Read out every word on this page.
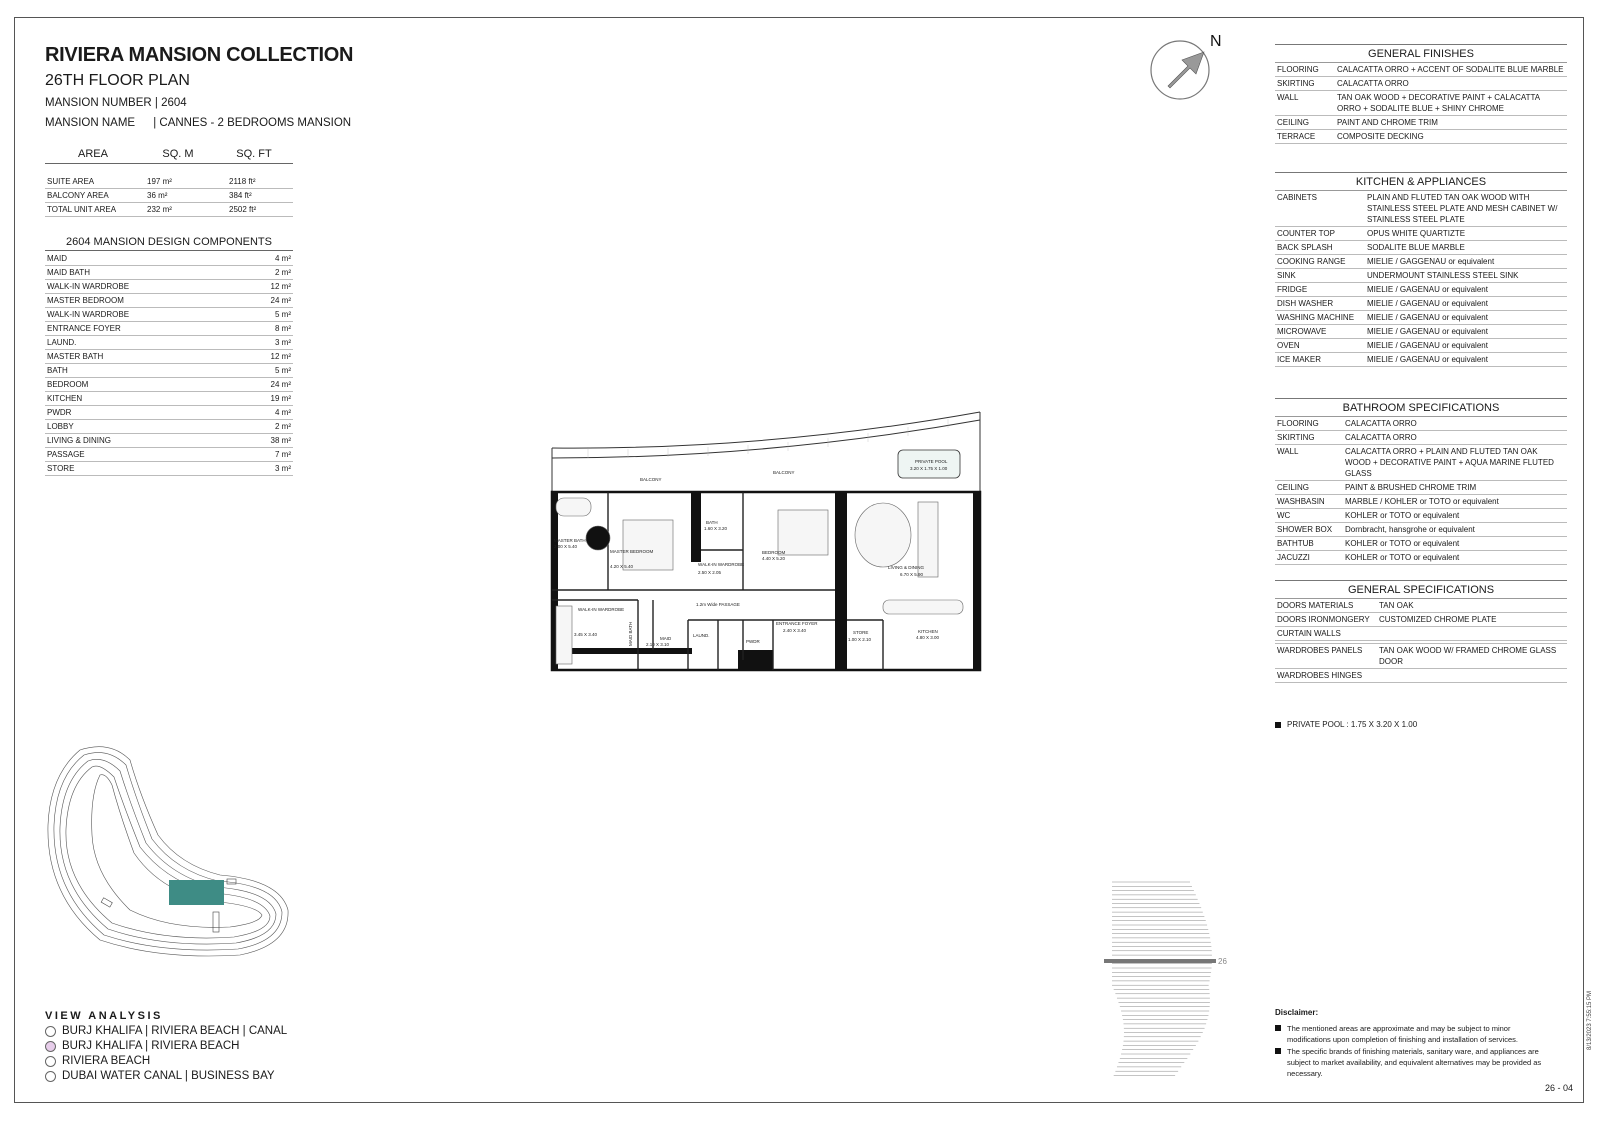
RIVIERA MANSION COLLECTION
26TH FLOOR PLAN
MANSION NUMBER | 2604
MANSION NAME | CANNES - 2 BEDROOMS MANSION
AREA	SQ. M	SQ. FT
SUITE AREA	197 m²	2118 ft²
BALCONY AREA	36 m²	384 ft²
TOTAL UNIT AREA	232 m²	2502 ft²
2604 MANSION DESIGN COMPONENTS
MAID	4 m²
MAID BATH	2 m²
WALK-IN WARDROBE	12 m²
MASTER BEDROOM	24 m²
WALK-IN WARDROBE	5 m²
ENTRANCE FOYER	8 m²
LAUND.	3 m²
MASTER BATH	12 m²
BATH	5 m²
BEDROOM	24 m²
KITCHEN	19 m²
PWDR	4 m²
LOBBY	2 m²
LIVING & DINING	38 m²
PASSAGE	7 m²
STORE	3 m²
N
BALCONY
BALCONY
PRIVATE POOL
3.20 X 1.75 X 1.00
MASTER BATH
2.00 X 5.40
MASTER BEDROOM
4.20 X 5.40
BATH
1.60 X 3.20
WALK-IN WARDROBE
2.50 X 2.05
BEDROOM
4.40 X 5.20
LIVING & DINING
6.70 X 5.90
1.2m Wide PASSAGE
WALK-IN WARDROBE
3.45 X 3.40	MAID BATH	MAID
2.10 X 3.10
LAUND.
PWDR
ENTRANCE FOYER
2.40 X 3.40	STORE
1.00 X 2.10
KITCHEN
4.80 X 3.00
VIEW ANALYSIS
BURJ KHALIFA | RIVIERA BEACH | CANAL
BURJ KHALIFA | RIVIERA BEACH
RIVIERA BEACH
DUBAI WATER CANAL | BUSINESS BAY
26
GENERAL FINISHES
FLOORING	CALACATTA ORRO + ACCENT OF SODALITE BLUE MARBLE
SKIRTING	CALACATTA ORRO
WALL	TAN OAK WOOD + DECORATIVE PAINT + CALACATTA ORRO + SODALITE BLUE + SHINY CHROME
CEILING	PAINT AND CHROME TRIM
TERRACE	COMPOSITE DECKING
KITCHEN & APPLIANCES
CABINETS	PLAIN AND FLUTED TAN OAK WOOD WITH STAINLESS STEEL PLATE AND MESH CABINET W/ STAINLESS STEEL PLATE
COUNTER TOP	OPUS WHITE QUARTIZTE
BACK SPLASH	SODALITE BLUE MARBLE
COOKING RANGE	MIELIE / GAGGENAU or equivalent
SINK	UNDERMOUNT STAINLESS STEEL SINK
FRIDGE	MIELIE / GAGENAU or equivalent
DISH WASHER	MIELIE / GAGENAU or equivalent
WASHING MACHINE	MIELIE / GAGENAU or equivalent
MICROWAVE	MIELIE / GAGENAU or equivalent
OVEN	MIELIE / GAGENAU or equivalent
ICE MAKER	MIELIE / GAGENAU or equivalent
BATHROOM SPECIFICATIONS
FLOORING	CALACATTA ORRO
SKIRTING	CALACATTA ORRO
WALL	CALACATTA ORRO + PLAIN AND FLUTED TAN OAK WOOD + DECORATIVE PAINT + AQUA MARINE FLUTED GLASS
CEILING	PAINT & BRUSHED CHROME TRIM
WASHBASIN	MARBLE / KOHLER or TOTO or equivalent
WC	KOHLER or TOTO or equivalent
SHOWER BOX	Dornbracht, hansgrohe or equivalent
BATHTUB	KOHLER or TOTO or equivalent
JACUZZI	KOHLER or TOTO or equivalent
GENERAL SPECIFICATIONS
DOORS MATERIALS	TAN OAK
DOORS IRONMONGERY	CUSTOMIZED CHROME PLATE
CURTAIN WALLS	

WARDROBES PANELS	TAN OAK WOOD W/ FRAMED CHROME GLASS DOOR
WARDROBES HINGES	
PRIVATE POOL : 1.75 X 3.20 X 1.00
Disclaimer:

The mentioned areas are approximate and may be subject to minor modifications upon completion of finishing and installation of services.

The specific brands of finishing materials, sanitary ware, and appliances are subject to market availability, and equivalent alternatives may be provided as necessary.

26 - 04
8/13/2023 7:55:15 PM
